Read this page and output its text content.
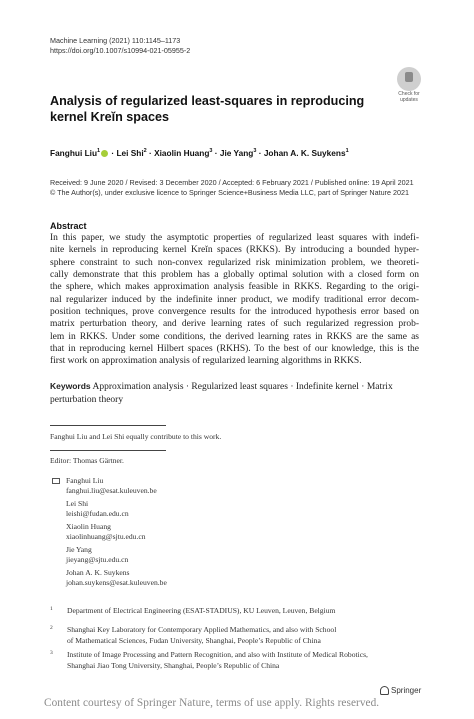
Machine Learning (2021) 110:1145–1173
https://doi.org/10.1007/s10994-021-05955-2
Check for
updates
Analysis of regularized least-squares in reproducing kernel Kreĭn spaces
Fanghui Liu$^1$ · Lei Shi$^2$ · Xiaolin Huang$^3$ · Jie Yang$^3$ · Johan A. K. Suykens$^1$
Received: 9 June 2020 / Revised: 3 December 2020 / Accepted: 6 February 2021 / Published online: 19 April 2021
© The Author(s), under exclusive licence to Springer Science+Business Media LLC, part of Springer Nature 2021
Abstract
In this paper, we study the asymptotic properties of regularized least squares with indefi-
nite kernels in reproducing kernel Kreĭn spaces (RKKS). By introducing a bounded hyper-
sphere constraint to such non-convex regularized risk minimization problem, we theoreti-
cally demonstrate that this problem has a globally optimal solution with a closed form on
the sphere, which makes approximation analysis feasible in RKKS. Regarding to the origi-
nal regularizer induced by the indefinite inner product, we modify traditional error decom-
position techniques, prove convergence results for the introduced hypothesis error based on
matrix perturbation theory, and derive learning rates of such regularized regression prob-
lem in RKKS. Under some conditions, the derived learning rates in RKKS are the same as
that in reproducing kernel Hilbert spaces (RKHS). To the best of our knowledge, this is the
first work on approximation analysis of regularized learning algorithms in RKKS.
Keywords Approximation analysis · Regularized least squares · Indefinite kernel · Matrix perturbation theory
Fanghui Liu and Lei Shi equally contribute to this work.
Editor: Thomas Gärtner.
Fanghui Liu
fanghui.liu@esat.kuleuven.be
Lei Shi
leishi@fudan.edu.cn
Xiaolin Huang
xiaolinhuang@sjtu.edu.cn
Jie Yang
jieyang@sjtu.edu.cn
Johan A. K. Suykens
johan.suykens@esat.kuleuven.be
1 Department of Electrical Engineering (ESAT-STADIUS), KU Leuven, Leuven, Belgium
2 Shanghai Key Laboratory for Contemporary Applied Mathematics, and also with School
of Mathematical Sciences, Fudan University, Shanghai, People’s Republic of China
3 Institute of Image Processing and Pattern Recognition, and also with Institute of Medical Robotics,
Shanghai Jiao Tong University, Shanghai, People’s Republic of China
Springer
Content courtesy of Springer Nature, terms of use apply. Rights reserved.
